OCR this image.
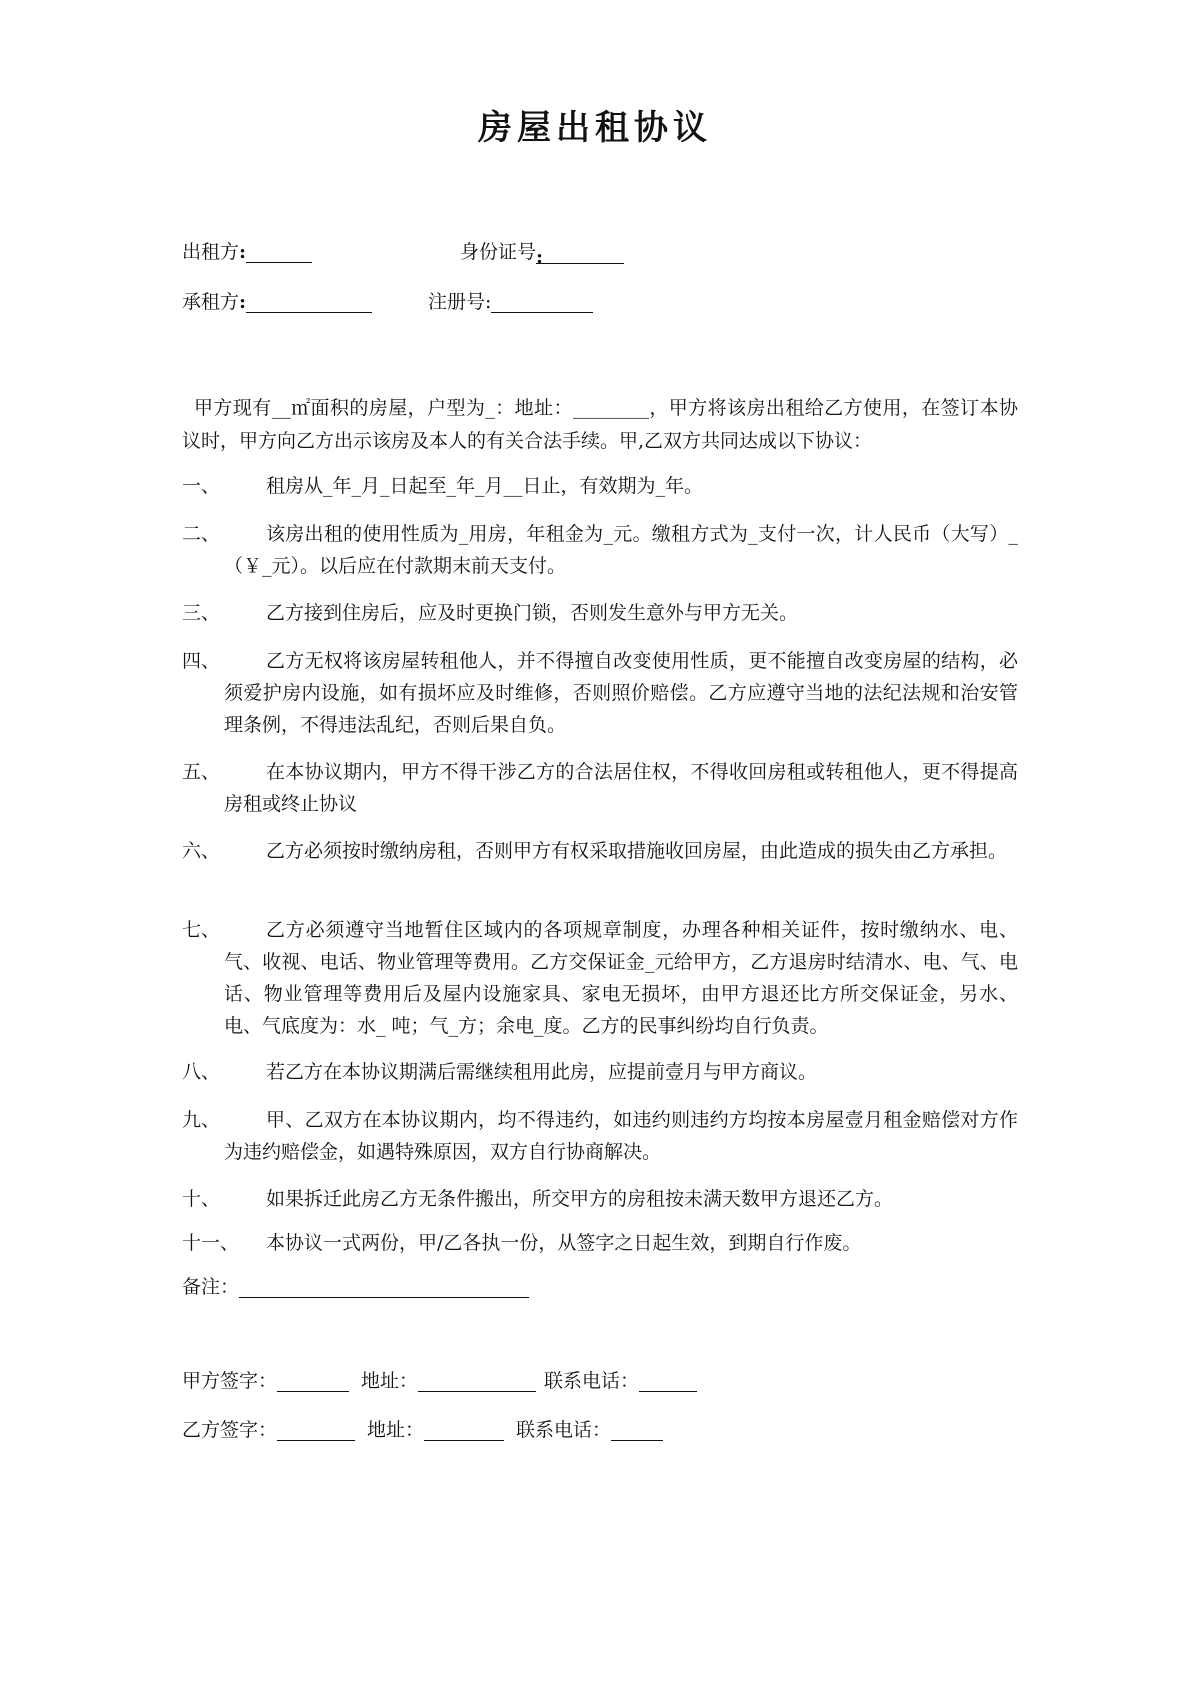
房屋出租协议
出租方:	身份证号:
承租方:	注册号:
甲方现有__㎡面积的房屋，户型为_：地址：________，甲方将该房出租给乙方使用，在签订本协议时，甲方向乙方出示该房及本人的有关合法手续。甲,乙双方共同达成以下协议：
一、	租房从_年_月_日起至_年_月__日止，有效期为_年。
二、	该房出租的使用性质为_用房，年租金为_元。缴租方式为_支付一次，计人民币（大写）_（￥_元）。以后应在付款期末前天支付。
三、	乙方接到住房后，应及时更换门锁，否则发生意外与甲方无关。
四、	乙方无权将该房屋转租他人，并不得擅自改变使用性质，更不能擅自改变房屋的结构，必须爱护房内设施，如有损坏应及时维修，否则照价赔偿。乙方应遵守当地的法纪法规和治安管理条例，不得违法乱纪，否则后果自负。
五、	在本协议期内，甲方不得干涉乙方的合法居住权，不得收回房租或转租他人，更不得提高房租或终止协议
六、	乙方必须按时缴纳房租，否则甲方有权采取措施收回房屋，由此造成的损失由乙方承担。
七、	乙方必须遵守当地暂住区域内的各项规章制度，办理各种相关证件，按时缴纳水、电、气、收视、电话、物业管理等费用。乙方交保证金_元给甲方，乙方退房时结清水、电、气、电话、物业管理等费用后及屋内设施家具、家电无损坏，由甲方退还比方所交保证金，另水、电、气底度为：水_ 吨；气_方；余电_度。乙方的民事纠纷均自行负责。
八、	若乙方在本协议期满后需继续租用此房，应提前壹月与甲方商议。
九、	甲、乙双方在本协议期内，均不得违约，如违约则违约方均按本房屋壹月租金赔偿对方作为违约赔偿金，如遇特殊原因，双方自行协商解决。
十、	如果拆迁此房乙方无条件搬出，所交甲方的房租按未满天数甲方退还乙方。
十一、	本协议一式两份，甲/乙各执一份，从签字之日起生效，到期自行作废。
备注：
甲方签字：	地址：	联系电话：
乙方签字：	地址：	联系电话：
